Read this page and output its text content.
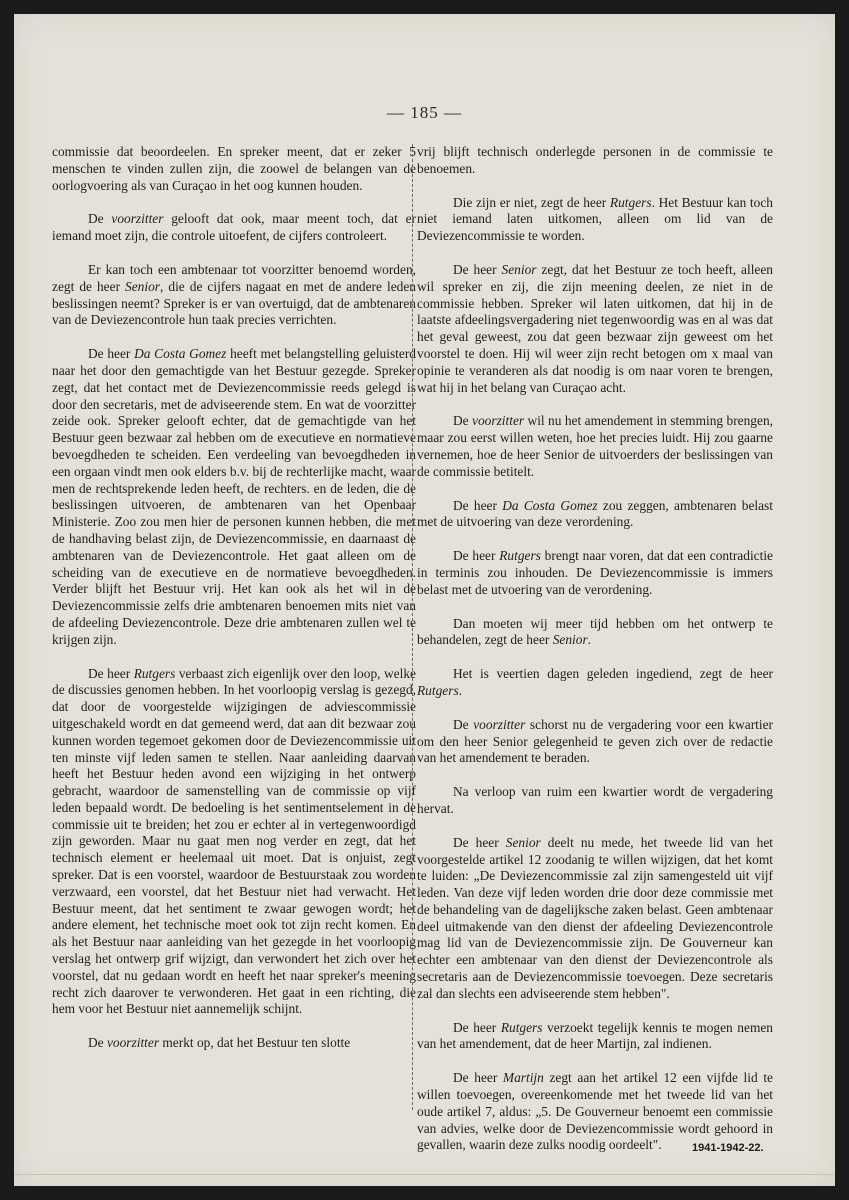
— 185 —

commissie dat beoordeelen. En spreker meent, dat er zeker 5 menschen te vinden zullen zijn, die zoowel de belangen van de oorlogvoering als van Curaçao in het oog kunnen houden.

De voorzitter gelooft dat ook, maar meent toch, dat er iemand moet zijn, die controle uitoefent, de cijfers controleert.

Er kan toch een ambtenaar tot voorzitter benoemd worden, zegt de heer Senior, die de cijfers nagaat en met de andere leden beslissingen neemt? Spreker is er van overtuigd, dat de ambtenaren van de Deviezencontrole hun taak precies verrichten.

De heer Da Costa Gomez heeft met belangstelling geluisterd naar het door den gemachtigde van het Bestuur gezegde. Spreker zegt, dat het contact met de Deviezencommissie reeds gelegd is door den secretaris, met de adviseerende stem. En wat de voorzitter zeide ook. Spreker gelooft echter, dat de gemachtigde van het Bestuur geen bezwaar zal hebben om de executieve en normatieve bevoegdheden te scheiden. Een verdeeling van bevoegdheden in een orgaan vindt men ook elders b.v. bij de rechterlijke macht, waar men de rechtsprekende leden heeft, de rechters. en de leden, die de beslissingen uitvoeren, de ambtenaren van het Openbaar Ministerie. Zoo zou men hier de personen kunnen hebben, die met de handhaving belast zijn, de Deviezencommissie, en daarnaast de ambtenaren van de Deviezencontrole. Het gaat alleen om de scheiding van de executieve en de normatieve bevoegdheden. Verder blijft het Bestuur vrij. Het kan ook als het wil in de Deviezencommissie zelfs drie ambtenaren benoemen mits niet van de afdeeling Deviezencontrole. Deze drie ambtenaren zullen wel te krijgen zijn.

De heer Rutgers verbaast zich eigenlijk over den loop, welke de discussies genomen hebben. In het voorloopig verslag is gezegd, dat door de voorgestelde wijzigingen de adviescommissie uitgeschakeld wordt en dat gemeend werd, dat aan dit bezwaar zou kunnen worden tegemoet gekomen door de Deviezencommissie uit ten minste vijf leden samen te stellen. Naar aanleiding daarvan heeft het Bestuur heden avond een wijziging in het ontwerp gebracht, waardoor de samenstelling van de commissie op vijf leden bepaald wordt. De bedoeling is het sentimentselement in de commissie uit te breiden; het zou er echter al in vertegenwoordigd zijn geworden. Maar nu gaat men nog verder en zegt, dat het technisch element er heelemaal uit moet. Dat is onjuist, zegt spreker. Dat is een voorstel, waardoor de Bestuurstaak zou worden verzwaard, een voorstel, dat het Bestuur niet had verwacht. Het Bestuur meent, dat het sentiment te zwaar gewogen wordt; het andere element, het technische moet ook tot zijn recht komen. En als het Bestuur naar aanleiding van het gezegde in het voorloopig verslag het ontwerp grif wijzigt, dan verwondert het zich over het voorstel, dat nu gedaan wordt en heeft het naar spreker's meening recht zich daarover te verwonderen. Het gaat in een richting, die hem voor het Bestuur niet aannemelijk schijnt.

De voorzitter merkt op, dat het Bestuur ten slotte

vrij blijft technisch onderlegde personen in de commissie te benoemen.

Die zijn er niet, zegt de heer Rutgers. Het Bestuur kan toch niet iemand laten uitkomen, alleen om lid van de Deviezencommissie te worden.

De heer Senior zegt, dat het Bestuur ze toch heeft, alleen wil spreker en zij, die zijn meening deelen, ze niet in de commissie hebben. Spreker wil laten uitkomen, dat hij in de laatste afdeelingsvergadering niet tegenwoordig was en al was dat het geval geweest, zou dat geen bezwaar zijn geweest om het voorstel te doen. Hij wil weer zijn recht betogen om x maal van opinie te veranderen als dat noodig is om naar voren te brengen, wat hij in het belang van Curaçao acht.

De voorzitter wil nu het amendement in stemming brengen, maar zou eerst willen weten, hoe het precies luidt. Hij zou gaarne vernemen, hoe de heer Senior de uitvoerders der beslissingen van de commissie betitelt.

De heer Da Costa Gomez zou zeggen, ambtenaren belast met de uitvoering van deze verordening.

De heer Rutgers brengt naar voren, dat dat een contradictie in terminis zou inhouden. De Deviezencommissie is immers belast met de utvoering van de verordening.

Dan moeten wij meer tijd hebben om het ontwerp te behandelen, zegt de heer Senior.

Het is veertien dagen geleden ingediend, zegt de heer Rutgers.

De voorzitter schorst nu de vergadering voor een kwartier om den heer Senior gelegenheid te geven zich over de redactie van het amendement te beraden.

Na verloop van ruim een kwartier wordt de vergadering hervat.

De heer Senior deelt nu mede, het tweede lid van het voorgestelde artikel 12 zoodanig te willen wijzigen, dat het komt te luiden: „De Deviezencommissie zal zijn samengesteld uit vijf leden. Van deze vijf leden worden drie door deze commissie met de behandeling van de dagelijksche zaken belast. Geen ambtenaar deel uitmakende van den dienst der afdeeling Deviezencontrole mag lid van de Deviezencommissie zijn. De Gouverneur kan echter een ambtenaar van den dienst der Deviezencontrole als secretaris aan de Deviezencommissie toevoegen. Deze secretaris zal dan slechts een adviseerende stem hebben".

De heer Rutgers verzoekt tegelijk kennis te mogen nemen van het amendement, dat de heer Martijn, zal indienen.

De heer Martijn zegt aan het artikel 12 een vijfde lid te willen toevoegen, overeenkomende met het tweede lid van het oude artikel 7, aldus: „5. De Gouverneur benoemt een commissie van advies, welke door de Deviezencommissie wordt gehoord in gevallen, waarin deze zulks noodig oordeelt".	1941-1942-22.
